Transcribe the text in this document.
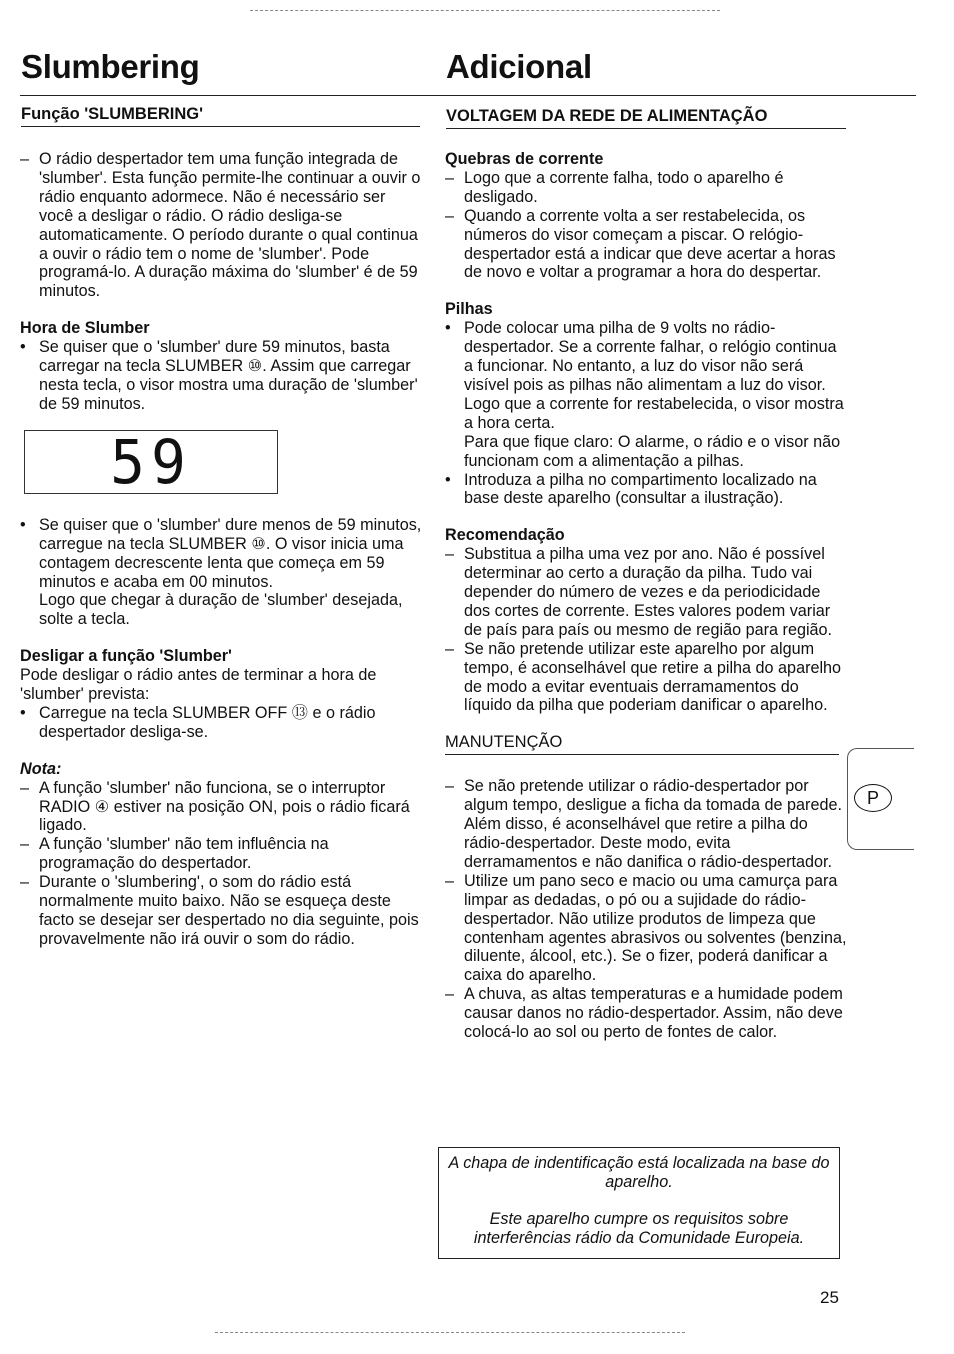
Slumbering	Adicional
Função 'SLUMBERING'	VOLTAGEM DA REDE DE ALIMENTAÇÃO
– O rádio despertador tem uma função integrada de 'slumber'. Esta função permite-lhe continuar a ouvir o rádio enquanto adormece. Não é necessário ser você a desligar o rádio. O rádio desliga-se automaticamente. O período durante o qual continua a ouvir o rádio tem o nome de 'slumber'. Pode programá-lo. A duração máxima do 'slumber' é de 59 minutos.
Hora de Slumber
• Se quiser que o 'slumber' dure 59 minutos, basta carregar na tecla SLUMBER ⑩. Assim que carregar nesta tecla, o visor mostra uma duração de 'slumber' de 59 minutos.
59
• Se quiser que o 'slumber' dure menos de 59 minutos, carregue na tecla SLUMBER ⑩. O visor inicia uma contagem decrescente lenta que começa em 59 minutos e acaba em 00 minutos.

Logo que chegar à duração de 'slumber' desejada, solte a tecla.

Desligar a função 'Slumber'

Pode desligar o rádio antes de terminar a hora de 'slumber' prevista:

• Carregue na tecla SLUMBER OFF ⑬ e o rádio despertador desliga-se.
Nota:
– A função 'slumber' não funciona, se o interruptor RADIO ④ estiver na posição ON, pois o rádio ficará ligado.
– A função 'slumber' não tem influência na programação do despertador.
– Durante o 'slumbering', o som do rádio está normalmente muito baixo. Não se esqueça deste facto se desejar ser despertado no dia seguinte, pois provavelmente não irá ouvir o som do rádio.
Quebras de corrente
– Logo que a corrente falha, todo o aparelho é desligado.
– Quando a corrente volta a ser restabelecida, os números do visor começam a piscar. O relógio-despertador está a indicar que deve acertar a horas de novo e voltar a programar a hora do despertar.
Pilhas
• Pode colocar uma pilha de 9 volts no rádio-despertador. Se a corrente falhar, o relógio continua a funcionar. No entanto, a luz do visor não será visível pois as pilhas não alimentam a luz do visor. Logo que a corrente for restabelecida, o visor mostra a hora certa.

Para que fique claro: O alarme, o rádio e o visor não funcionam com a alimentação a pilhas.

• Introduza a pilha no compartimento localizado na base deste aparelho (consultar a ilustração).
Recomendação
– Substitua a pilha uma vez por ano. Não é possível determinar ao certo a duração da pilha. Tudo vai depender do número de vezes e da periodicidade dos cortes de corrente. Estes valores podem variar de país para país ou mesmo de região para região.
– Se não pretende utilizar este aparelho por algum tempo, é aconselhável que retire a pilha do aparelho de modo a evitar eventuais derramamentos do líquido da pilha que poderiam danificar o aparelho.
MANUTENÇÃO
– Se não pretende utilizar o rádio-despertador por algum tempo, desligue a ficha da tomada de parede. Além disso, é aconselhável que retire a pilha do rádio-despertador. Deste modo, evita derramamentos e não danifica o rádio-despertador.
– Utilize um pano seco e macio ou uma camurça para limpar as dedadas, o pó ou a sujidade do rádio-despertador. Não utilize produtos de limpeza que contenham agentes abrasivos ou solventes (benzina, diluente, álcool, etc.). Se o fizer, poderá danificar a caixa do aparelho.
– A chuva, as altas temperaturas e a humidade podem causar danos no rádio-despertador. Assim, não deve colocá-lo ao sol ou perto de fontes de calor.
P

A chapa de indentificação está localizada na base do aparelho.

Este aparelho cumpre os requisitos sobre interferências rádio da Comunidade Europeia.

25
